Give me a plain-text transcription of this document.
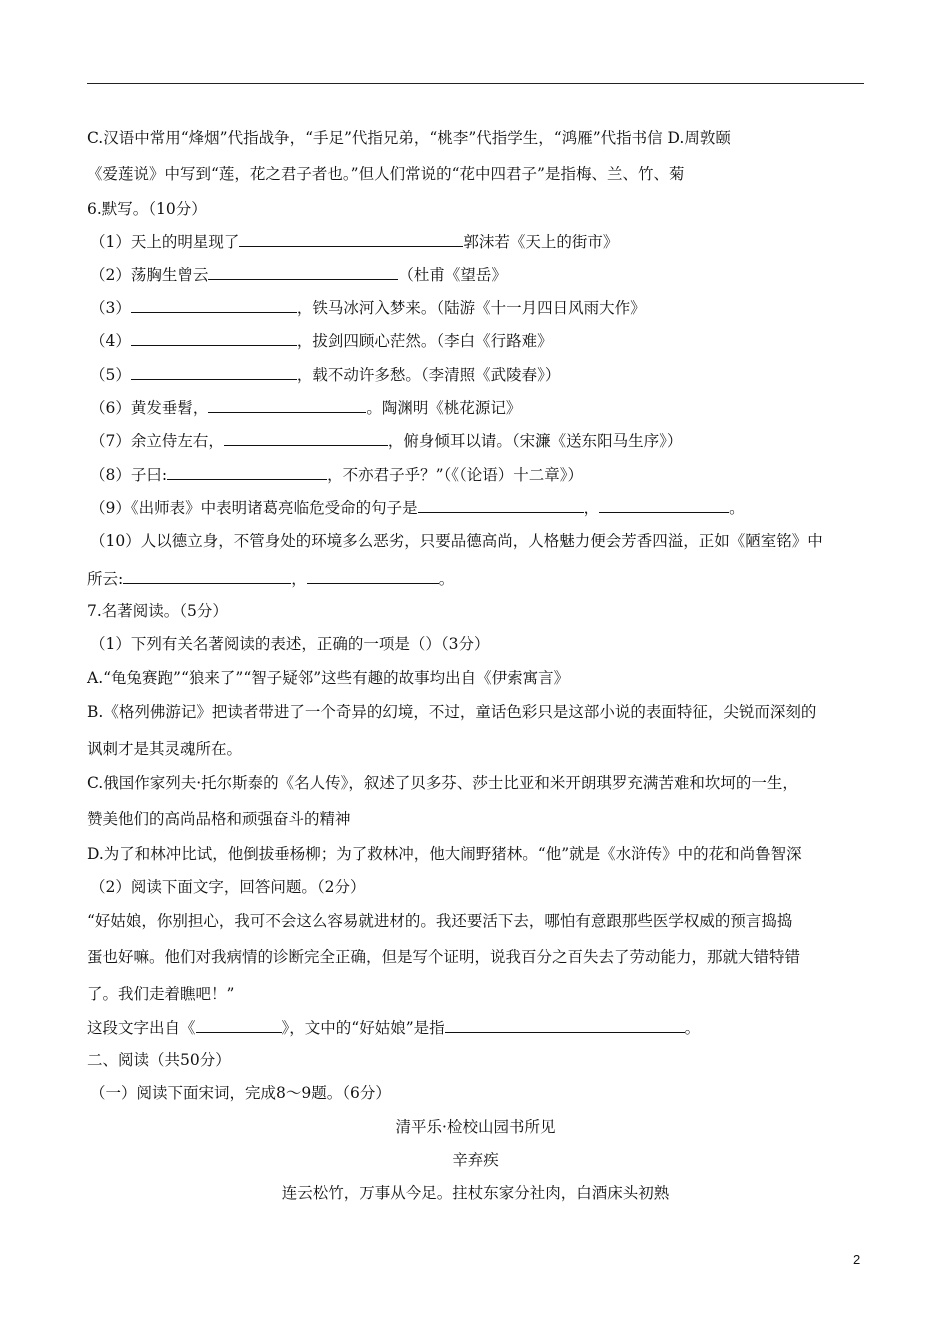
C.汉语中常用“烽烟”代指战争，“手足”代指兄弟，“桃李”代指学生，“鸿雁”代指书信 D.周敦颐
《爱莲说》中写到“莲，花之君子者也。”但人们常说的“花中四君子”是指梅、兰、竹、菊
6.默写。（10分）
（1）天上的明星现了	郭沫若《天上的街市》
（2）荡胸生曾云	（杜甫《望岳》
（3）	，铁马冰河入梦来。（陆游《十一月四日风雨大作》
（4）	，拔剑四顾心茫然。（李白《行路难》
（5）	，载不动许多愁。（李清照《武陵春》）
（6）黄发垂髫，	。陶渊明《桃花源记》
（7）余立侍左右，	，俯身倾耳以请。（宋濂《送东阳马生序》）
（8）子曰:	，不亦君子乎？”（《（论语）十二章》）
（9）《出师表》中表明诸葛亮临危受命的句子是	，	。
（10）人以德立身，不管身处的环境多么恶劣，只要品德高尚，人格魅力便会芳香四溢，正如《陋室铭》中
所云:	，	。
7.名著阅读。（5分）
（1）下列有关名著阅读的表述，正确的一项是（）（3分）
A.“龟兔赛跑”“狼来了”“智子疑邻”这些有趣的故事均出自《伊索寓言》
B.《格列佛游记》把读者带进了一个奇异的幻境，不过，童话色彩只是这部小说的表面特征，尖锐而深刻的
讽刺才是其灵魂所在。
C.俄国作家列夫·托尔斯泰的《名人传》，叙述了贝多芬、莎士比亚和米开朗琪罗充满苦难和坎坷的一生，
赞美他们的高尚品格和顽强奋斗的精神
D.为了和林冲比试，他倒拔垂杨柳；为了救林冲，他大闹野猪林。“他”就是《水浒传》中的花和尚鲁智深
（2）阅读下面文字，回答问题。（2分）
“好姑娘，你别担心，我可不会这么容易就进材的。我还要活下去，哪怕有意跟那些医学权威的预言捣捣
蛋也好嘛。他们对我病情的诊断完全正确，但是写个证明，说我百分之百失去了劳动能力，那就大错特错
了。我们走着瞧吧！”
这段文字出自《	》，文中的“好姑娘”是指	。
二、阅读（共50分）
（一）阅读下面宋词，完成8～9题。（6分）
清平乐·检校山园书所见
辛弃疾
连云松竹，万事从今足。拄杖东家分社肉，白酒床头初熟
2
